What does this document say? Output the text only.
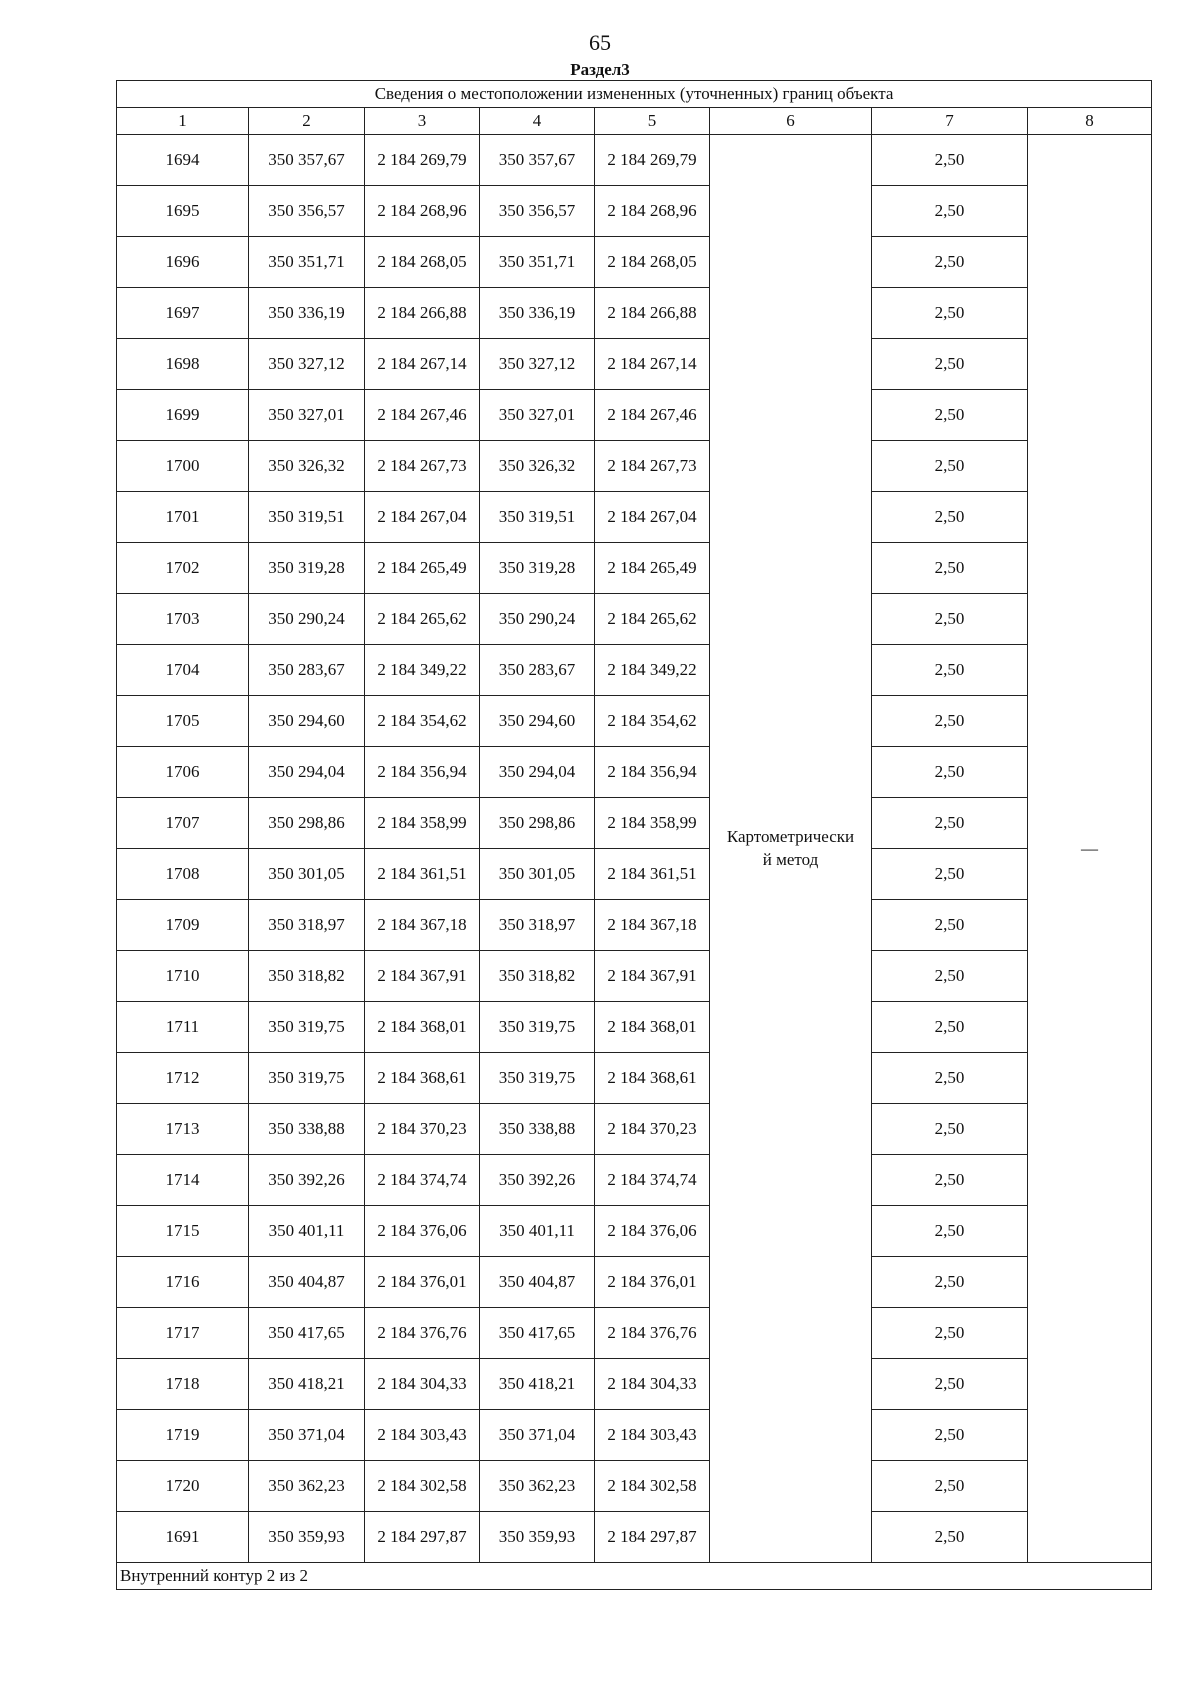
65
Раздел3
Сведения о местоположении измененных (уточненных) границ объекта							
1	2	3	4	5	6	7	8
1694	350 357,67	2 184 269,79	350 357,67	2 184 269,79	Картометрически
й метод	2,50	—
1695	350 356,57	2 184 268,96	350 356,57	2 184 268,96		2,50	
1696	350 351,71	2 184 268,05	350 351,71	2 184 268,05		2,50	
1697	350 336,19	2 184 266,88	350 336,19	2 184 266,88		2,50	
1698	350 327,12	2 184 267,14	350 327,12	2 184 267,14		2,50	
1699	350 327,01	2 184 267,46	350 327,01	2 184 267,46		2,50	
1700	350 326,32	2 184 267,73	350 326,32	2 184 267,73		2,50	
1701	350 319,51	2 184 267,04	350 319,51	2 184 267,04		2,50	
1702	350 319,28	2 184 265,49	350 319,28	2 184 265,49		2,50	
1703	350 290,24	2 184 265,62	350 290,24	2 184 265,62		2,50	
1704	350 283,67	2 184 349,22	350 283,67	2 184 349,22		2,50	
1705	350 294,60	2 184 354,62	350 294,60	2 184 354,62		2,50	
1706	350 294,04	2 184 356,94	350 294,04	2 184 356,94		2,50	
1707	350 298,86	2 184 358,99	350 298,86	2 184 358,99		2,50	
1708	350 301,05	2 184 361,51	350 301,05	2 184 361,51		2,50	
1709	350 318,97	2 184 367,18	350 318,97	2 184 367,18		2,50	
1710	350 318,82	2 184 367,91	350 318,82	2 184 367,91		2,50	
1711	350 319,75	2 184 368,01	350 319,75	2 184 368,01		2,50	
1712	350 319,75	2 184 368,61	350 319,75	2 184 368,61		2,50	
1713	350 338,88	2 184 370,23	350 338,88	2 184 370,23		2,50	
1714	350 392,26	2 184 374,74	350 392,26	2 184 374,74		2,50	
1715	350 401,11	2 184 376,06	350 401,11	2 184 376,06		2,50	
1716	350 404,87	2 184 376,01	350 404,87	2 184 376,01		2,50	
1717	350 417,65	2 184 376,76	350 417,65	2 184 376,76		2,50	
1718	350 418,21	2 184 304,33	350 418,21	2 184 304,33		2,50	
1719	350 371,04	2 184 303,43	350 371,04	2 184 303,43		2,50	
1720	350 362,23	2 184 302,58	350 362,23	2 184 302,58		2,50	
1691	350 359,93	2 184 297,87	350 359,93	2 184 297,87		2,50	
Внутренний контур 2 из 2							
